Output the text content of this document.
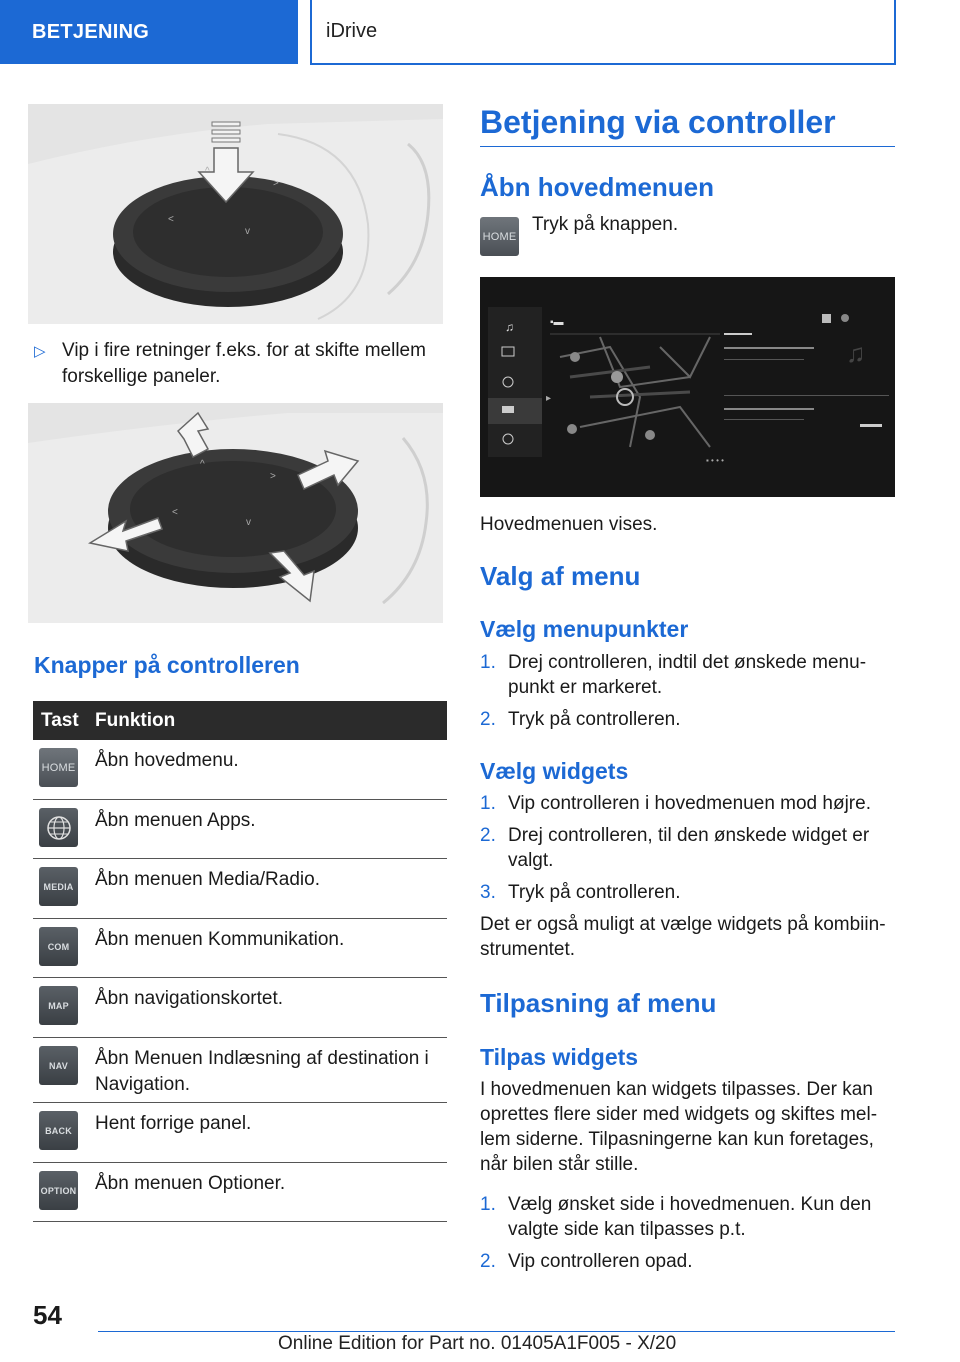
BETJENING	iDrive
>
<
v
▷ Vip i fire retninger f.eks. for at skifte mellem forskellige paneler.
^
>
<
v
Knapper på controlleren
Tast Funktion
HOME Åbn hovedmenu.
Åbn menuen Apps.
MEDIA Åbn menuen Media/Radio.
COM	Åbn menuen Kommunikation.
MAP	Åbn navigationskortet.
NAV	Åbn Menuen Indlæsning af destination i Navigation.
BACK	Hent forrige panel.
OPTION Åbn menuen Optioner.
Betjening via controller
Åbn hovedmenuen
HOME
Tryk på knappen.
♫
▸
▪▬
▪ • • •
♫
Hovedmenuen vises.
Valg af menu
Vælg menupunkter
1. Drej controlleren, indtil det ønskede menupunkt er markeret.
2. Tryk på controlleren.
Vælg widgets
1. Vip controlleren i hovedmenuen mod højre.
2. Drej controlleren, til den ønskede widget er valgt.
3. Tryk på controlleren.
Det er også muligt at vælge widgets på kombiinstrumentet.
Tilpasning af menu
Tilpas widgets
I hovedmenuen kan widgets tilpasses. Der kan oprettes flere sider med widgets og skiftes mellem siderne. Tilpasningerne kan kun foretages, når bilen står stille.
1. Vælg ønsket side i hovedmenuen. Kun den valgte side kan tilpasses p.t.
2. Vip controlleren opad.
54
Online Edition for Part no. 01405A1F005 - X/20
